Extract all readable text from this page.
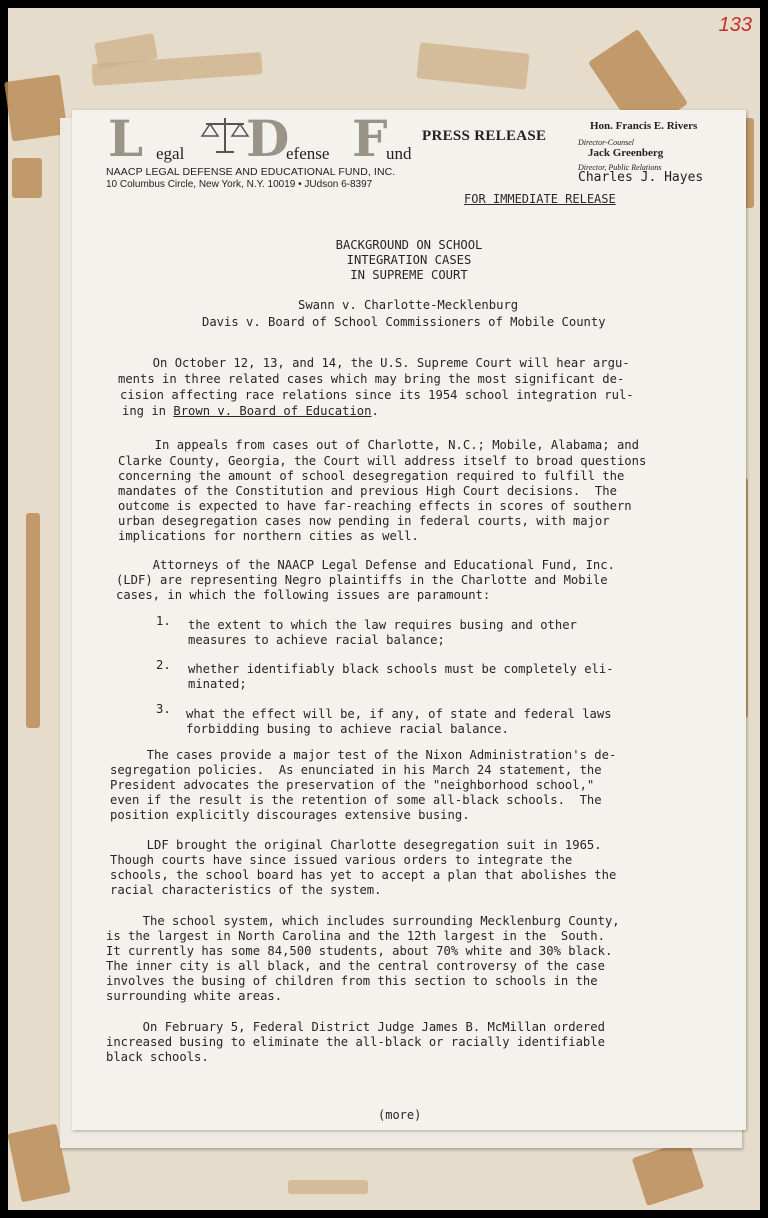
133
L egal D
efense F
und
NAACP LEGAL DEFENSE AND EDUCATIONAL FUND, INC.
10 Columbus Circle, New York, N.Y. 10019 • JUdson 6-8397
PRESS RELEASE
Hon. Francis E. Rivers
Director-Counsel
Jack Greenberg
Director, Public Relations
Charles J. Hayes
FOR IMMEDIATE RELEASE
BACKGROUND ON SCHOOL
INTEGRATION CASES
IN SUPREME COURT
Swann v. Charlotte-Mecklenburg
Davis v. Board of School Commissioners of Mobile County
On October 12, 13, and 14, the U.S. Supreme Court will hear argu-
ments in three related cases which may bring the most significant de-
cision affecting race relations since its 1954 school integration rul-
ing in Brown v. Board of Education.
In appeals from cases out of Charlotte, N.C.; Mobile, Alabama; and
Clarke County, Georgia, the Court will address itself to broad questions
concerning the amount of school desegregation required to fulfill the
mandates of the Constitution and previous High Court decisions.  The
outcome is expected to have far-reaching effects in scores of southern
urban desegregation cases now pending in federal courts, with major
implications for northern cities as well.
Attorneys of the NAACP Legal Defense and Educational Fund, Inc.
(LDF) are representing Negro plaintiffs in the Charlotte and Mobile
cases, in which the following issues are paramount:
1. the extent to which the law requires busing and other
measures to achieve racial balance;
2. whether identifiably black schools must be completely eli-
minated;
3. what the effect will be, if any, of state and federal laws
forbidding busing to achieve racial balance.
The cases provide a major test of the Nixon Administration's de-
segregation policies.  As enunciated in his March 24 statement, the
President advocates the preservation of the "neighborhood school,"
even if the result is the retention of some all-black schools.  The
position explicitly discourages extensive busing.
LDF brought the original Charlotte desegregation suit in 1965.
Though courts have since issued various orders to integrate the
schools, the school board has yet to accept a plan that abolishes the
racial characteristics of the system.
The school system, which includes surrounding Mecklenburg County,
is the largest in North Carolina and the 12th largest in the  South.
It currently has some 84,500 students, about 70% white and 30% black.
The inner city is all black, and the central controversy of the case
involves the busing of children from this section to schools in the
surrounding white areas.
On February 5, Federal District Judge James B. McMillan ordered
increased busing to eliminate the all-black or racially identifiable
black schools.
(more)
